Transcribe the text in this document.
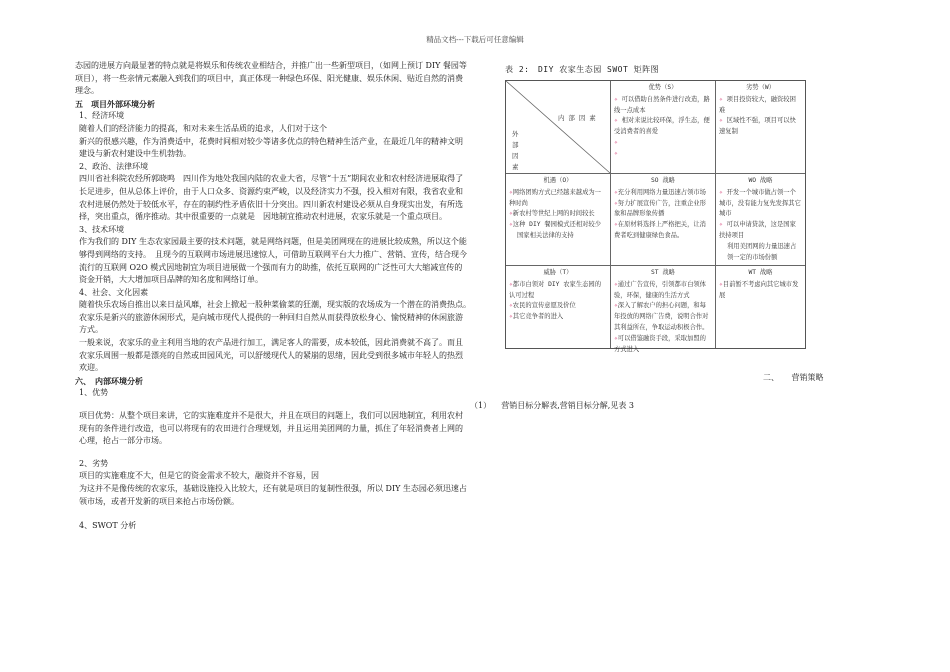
精品文档---下载后可任意编辑

态园的进展方向最显著的特点就是将娱乐和传统农业相结合，并推广出一些新型项目，（如网上预订 DIY 餐园等项目），将一些亲情元素融入到我们的项目中，真正体现一种绿色环保、阳光健康、娱乐休闲、贴近自然的消费理念。

五　项目外部环境分析

1、经济环境

随着人们的经济能力的提高，和对未来生活品质的追求，人们对于这个

新兴的很感兴趣，作为消费适中，花费时间相对较少等诸多优点的特色精神生活产业，在最近几年的精神文明建设与新农村建设中生机勃勃。

2、政治、法律环境

四川省社科院农经所郭晓鸣　四川作为地处我国内陆的农业大省，尽管“十五”期间农业和农村经济进展取得了长足进步，但从总体上评价，由于人口众多、资源约束严峻，以及经济实力不强，投入相对有限，我省农业和农村进展仍然处于较低水平，存在的制约性矛盾依旧十分突出。四川新农村建设必须从自身现实出发，有所选择，突出重点，循序推动。其中很重要的一点就是　因地制宜推动农村进展，农家乐就是一个重点项目。

3、技术环境

作为我们的 DIY 生态农家园最主要的技术问题，就是网络问题，但是美团网现在的进展比较成熟，所以这个能够得到网络的支持。　且现今的互联网市场进展迅速惊人，可借助互联网平台大力推广、营销、宣传，结合现今流行的互联网 O2O 模式因地制宜为项目进展做一个强而有力的助推，依托互联网的广泛性可大大缩减宣传的资金开销，大大增加项目品牌的知名度和网络订单。

4、社会、文化因素

随着快乐农场自推出以来日益风靡，社会上掀起一股种菜偷菜的狂潮，现实版的农场成为一个潜在的消费热点。　农家乐是新兴的旅游休闲形式，是向城市现代人提供的一种回归自然从而获得放松身心、愉悦精神的休闲旅游方式。

一般来说，农家乐的业主利用当地的农产品进行加工，满足客人的需要，成本较低，因此消费就不高了。而且农家乐周围一般都是漂亮的自然或田园风光，可以舒缓现代人的紧崩的思绪，因此受到很多城市年轻人的热烈欢迎。

六、　内部环境分析

1、优势

项目优势：从整个项目来讲，它的实施难度并不是很大，并且在项目的问题上，我们可以因地制宜，利用农村现有的条件进行改造，也可以将现有的农田进行合理规划，并且运用美团网的力量，抓住了年轻消费者上网的心理，抢占一部分市场。

2、劣势

项目的实施难度不大，但是它的资金需求不较大，融资并不容易，因

为这并不是像传统的农家乐，基础设施投入比较大，还有就是项目的复制性很强，所以 DIY 生态园必须迅速占领市场，或者开发新的项目来抢占市场份额。

4、SWOT 分析

表 2:　DIY 农家生态园 SWOT 矩阵图
内 部 因 素
外 部 因 素
优势（S）

✧ 可以借助自然条件进行改造，路线一点成本

✧ 相对来说比较环保，浮生态，便受消费者的喜爱

✧

✧

劣势（W）

✧ 项目投资较大，融资较困难

✧ 区域性不强，项目可以快速复制

机遇（O）

✧网络团购方式已经越来越成为一种时尚

✧新农村等世纪上网的时间较长

✧这种 DIY 餐园模式还相对较少

国家相关法律的支持

SO 战略

✧充分利用网络力量迅速占领市场

✧努力扩展宣传广告，注重企业形象和品牌形象传播

✧在原材料选择上严格把关，让消费者吃到健康绿色食品。

WO 战略

✧ 开发一个城市做占领一个城市，没有能力复先发挥其它城市

✧ 可以申请贷款，这是国家扶持项目

利用美团网的力量迅速占领一定的市场份额

威胁（T）

✧都市白领对 DIY 农家生态园的认可过程

✧农民的宣传意愿及价位

✧其它竞争者的进入

ST 战略

✧通过广告宣传，引领都市白领体验，环保，健康的生活方式

✧深入了解农户的担心问题，和每年投放的网络广告费，说明合作对其利益所在，争取运动积极合作。

✧可以借鉴融资手段，采取加盟的方式进入

WT 战略

✧目前暂不考虑向其它城市发展

二、 营销策略
（1） 营销目标分解表,营销目标分解,见表 3
